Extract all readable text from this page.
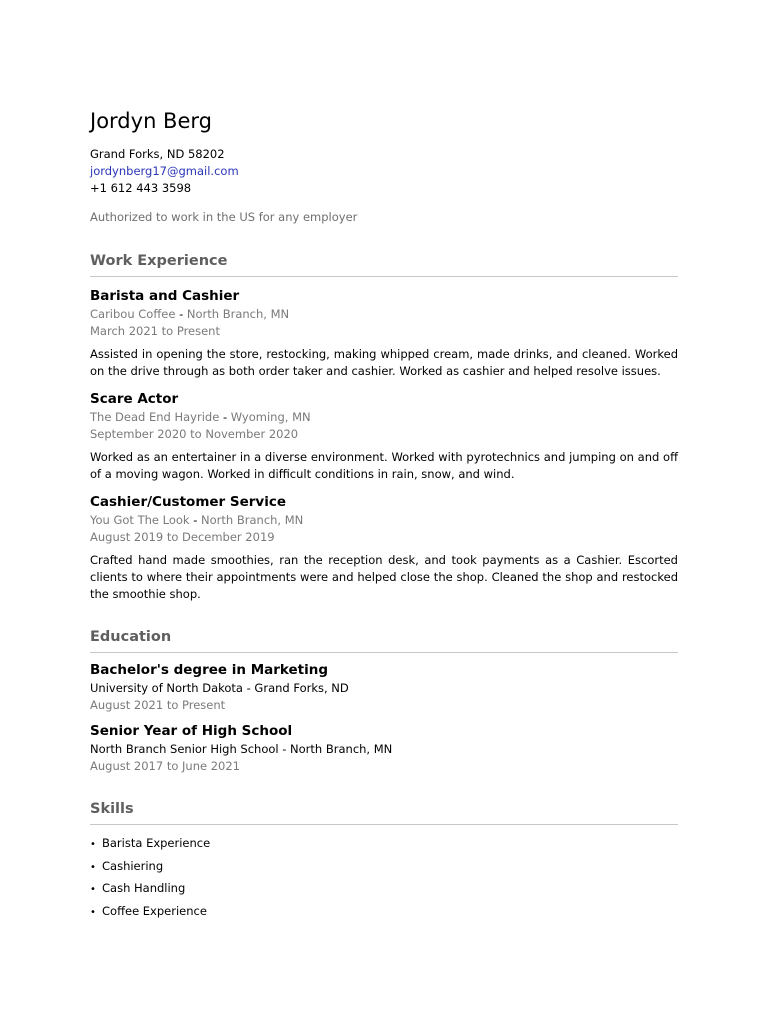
Jordyn Berg
Grand Forks, ND 58202
jordynberg17@gmail.com
+1 612 443 3598
Authorized to work in the US for any employer
Work Experience
Barista and Cashier
Caribou Coffee - North Branch, MN
March 2021 to Present
Assisted in opening the store, restocking, making whipped cream, made drinks, and cleaned. Worked on the drive through as both order taker and cashier. Worked as cashier and helped resolve issues.
Scare Actor
The Dead End Hayride - Wyoming, MN
September 2020 to November 2020
Worked as an entertainer in a diverse environment. Worked with pyrotechnics and jumping on and off of a moving wagon. Worked in difficult conditions in rain, snow, and wind.
Cashier/Customer Service
You Got The Look - North Branch, MN
August 2019 to December 2019
Crafted hand made smoothies, ran the reception desk, and took payments as a Cashier. Escorted clients to where their appointments were and helped close the shop. Cleaned the shop and restocked the smoothie shop.
Education
Bachelor's degree in Marketing
University of North Dakota - Grand Forks, ND
August 2021 to Present
Senior Year of High School
North Branch Senior High School - North Branch, MN
August 2017 to June 2021
Skills
• Barista Experience
• Cashiering
• Cash Handling
• Coffee Experience
